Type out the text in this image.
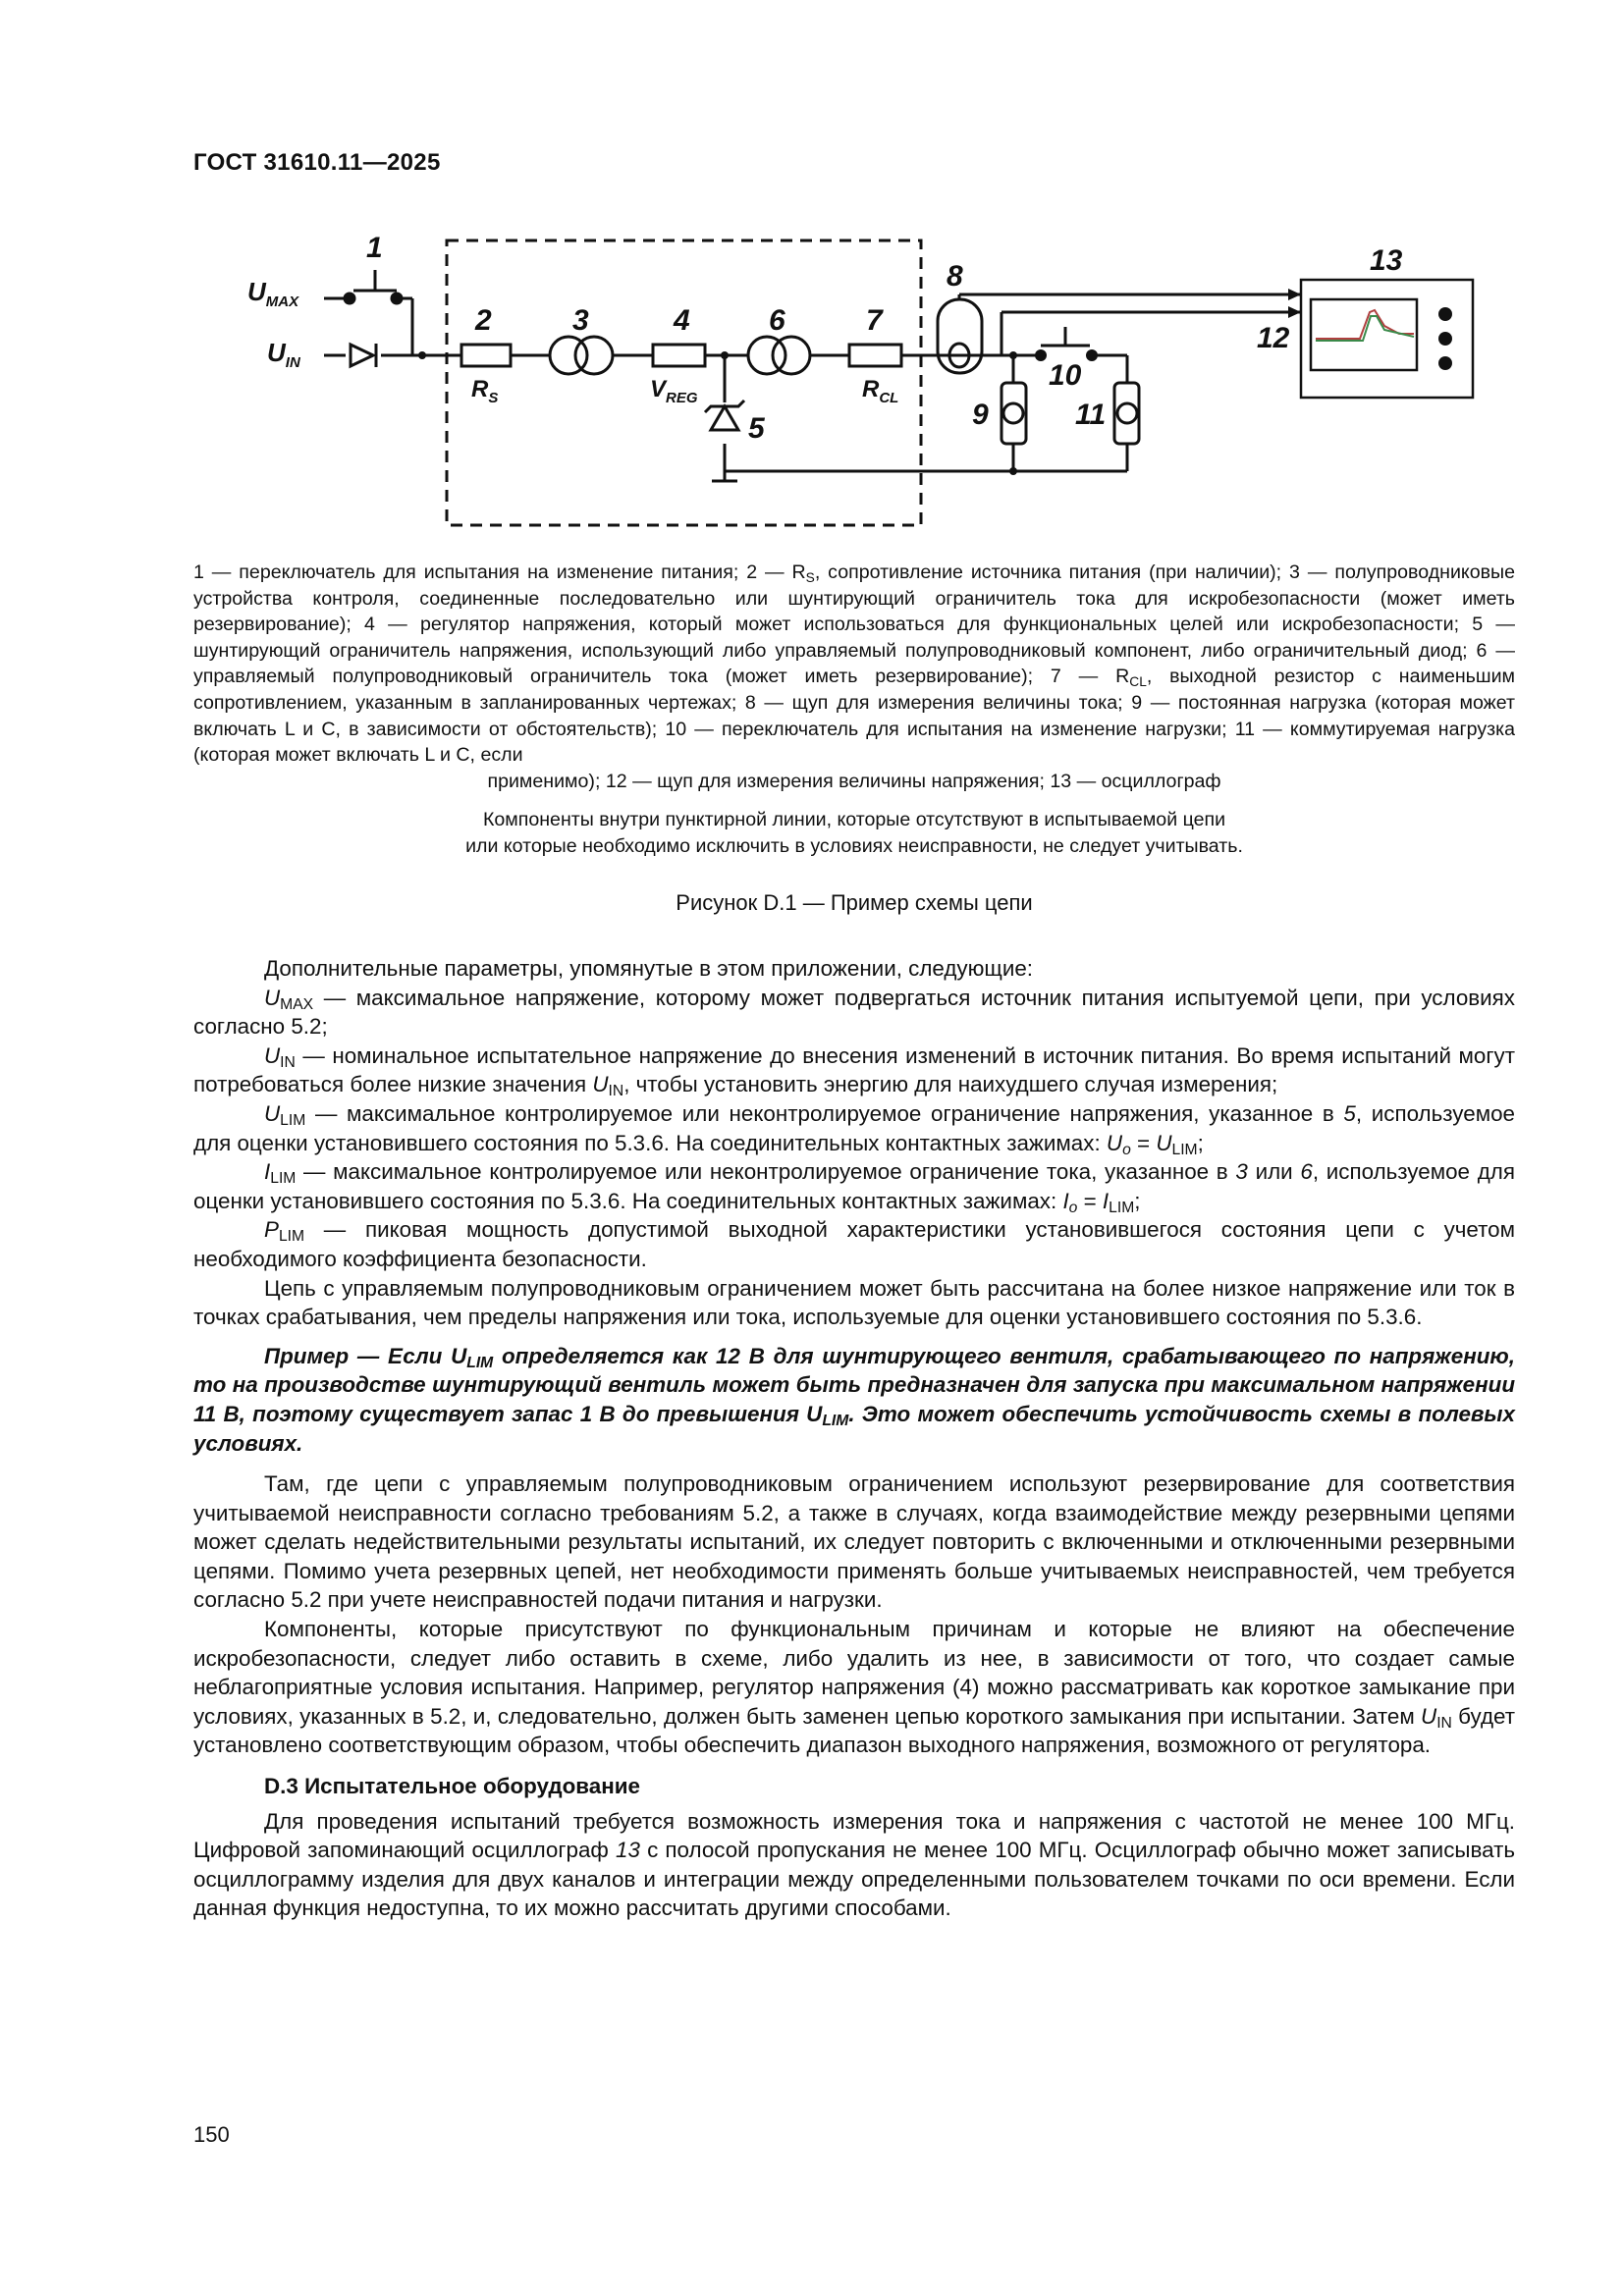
ГОСТ 31610.11—2025
1
2	3	4
5
6	7
8
9
10
11
12
13
$U_{MAX}$
$U_{IN}$
$R_S$	$V_{REG}$	$R_{CL}$

1 — переключатель для испытания на изменение питания; 2 — $R_S$, сопротивление источника питания (при наличии); 3 — полупроводниковые устройства контроля, соединенные последовательно или шунтирующий ограничитель тока для искробезопасности (может иметь резервирование); 4 — регулятор напряжения, который может использоваться для функциональных целей или искробезопасности; 5 — шунтирующий ограничитель напряжения, использующий либо управляемый полупроводниковый компонент, либо ограничительный диод; 6 — управляемый полупроводниковый ограничитель тока (может иметь резервирование); 7 — $R_{CL}$, выходной резистор с наименьшим сопротивлением, указанным в запланированных чертежах; 8 — щуп для измерения величины тока; 9 — постоянная нагрузка (которая может включать L и C, в зависимости от обстоятельств); 10 — переключатель для испытания на изменение нагрузки; 11 — коммутируемая нагрузка (которая может включать L и C, если

применимо); 12 — щуп для измерения величины напряжения; 13 — осциллограф

Компоненты внутри пунктирной линии, которые отсутствуют в испытываемой цепи

или которые необходимо исключить в условиях неисправности, не следует учитывать.

Рисунок D.1 — Пример схемы цепи

Дополнительные параметры, упомянутые в этом приложении, следующие:

$U_{MAX}$ — максимальное напряжение, которому может подвергаться источник питания испытуемой цепи, при условиях согласно 5.2;

$U_{IN}$ — номинальное испытательное напряжение до внесения изменений в источник питания. Во время испытаний могут потребоваться более низкие значения $U_{IN}$, чтобы установить энергию для наихудшего случая измерения;

$U_{LIM}$ — максимальное контролируемое или неконтролируемое ограничение напряжения, указанное в 5, используемое для оценки установившего состояния по 5.3.6. На соединительных контактных зажимах: $U_o = U_{LIM}$;

$I_{LIM}$ — максимальное контролируемое или неконтролируемое ограничение тока, указанное в 3 или 6, используемое для оценки установившего состояния по 5.3.6. На соединительных контактных зажимах: $I_o = I_{LIM}$;

$P_{LIM}$ — пиковая мощность допустимой выходной характеристики установившегося состояния цепи с учетом необходимого коэффициента безопасности.

Цепь с управляемым полупроводниковым ограничением может быть рассчитана на более низкое напряжение или ток в точках срабатывания, чем пределы напряжения или тока, используемые для оценки установившего состояния по 5.3.6.

Пример — Если $U_{LIM}$ определяется как 12 В для шунтирующего вентиля, срабатывающего по напряжению, то на производстве шунтирующий вентиль может быть предназначен для запуска при максимальном напряжении 11 В, поэтому существует запас 1 В до превышения $U_{LIM}$. Это может обеспечить устойчивость схемы в полевых условиях.

Там, где цепи с управляемым полупроводниковым ограничением используют резервирование для соответствия учитываемой неисправности согласно требованиям 5.2, а также в случаях, когда взаимодействие между резервными цепями может сделать недействительными результаты испытаний, их следует повторить с включенными и отключенными резервными цепями. Помимо учета резервных цепей, нет необходимости применять больше учитываемых неисправностей, чем требуется согласно 5.2 при учете неисправностей подачи питания и нагрузки.

Компоненты, которые присутствуют по функциональным причинам и которые не влияют на обеспечение искробезопасности, следует либо оставить в схеме, либо удалить из нее, в зависимости от того, что создает самые неблагоприятные условия испытания. Например, регулятор напряжения (4) можно рассматривать как короткое замыкание при условиях, указанных в 5.2, и, следовательно, должен быть заменен цепью короткого замыкания при испытании. Затем $U_{IN}$ будет установлено соответствующим образом, чтобы обеспечить диапазон выходного напряжения, возможного от регулятора.

D.3 Испытательное оборудование

Для проведения испытаний требуется возможность измерения тока и напряжения с частотой не менее 100 МГц. Цифровой запоминающий осциллограф 13 с полосой пропускания не менее 100 МГц. Осциллограф обычно может записывать осциллограмму изделия для двух каналов и интеграции между определенными пользователем точками по оси времени. Если данная функция недоступна, то их можно рассчитать другими способами.

150
